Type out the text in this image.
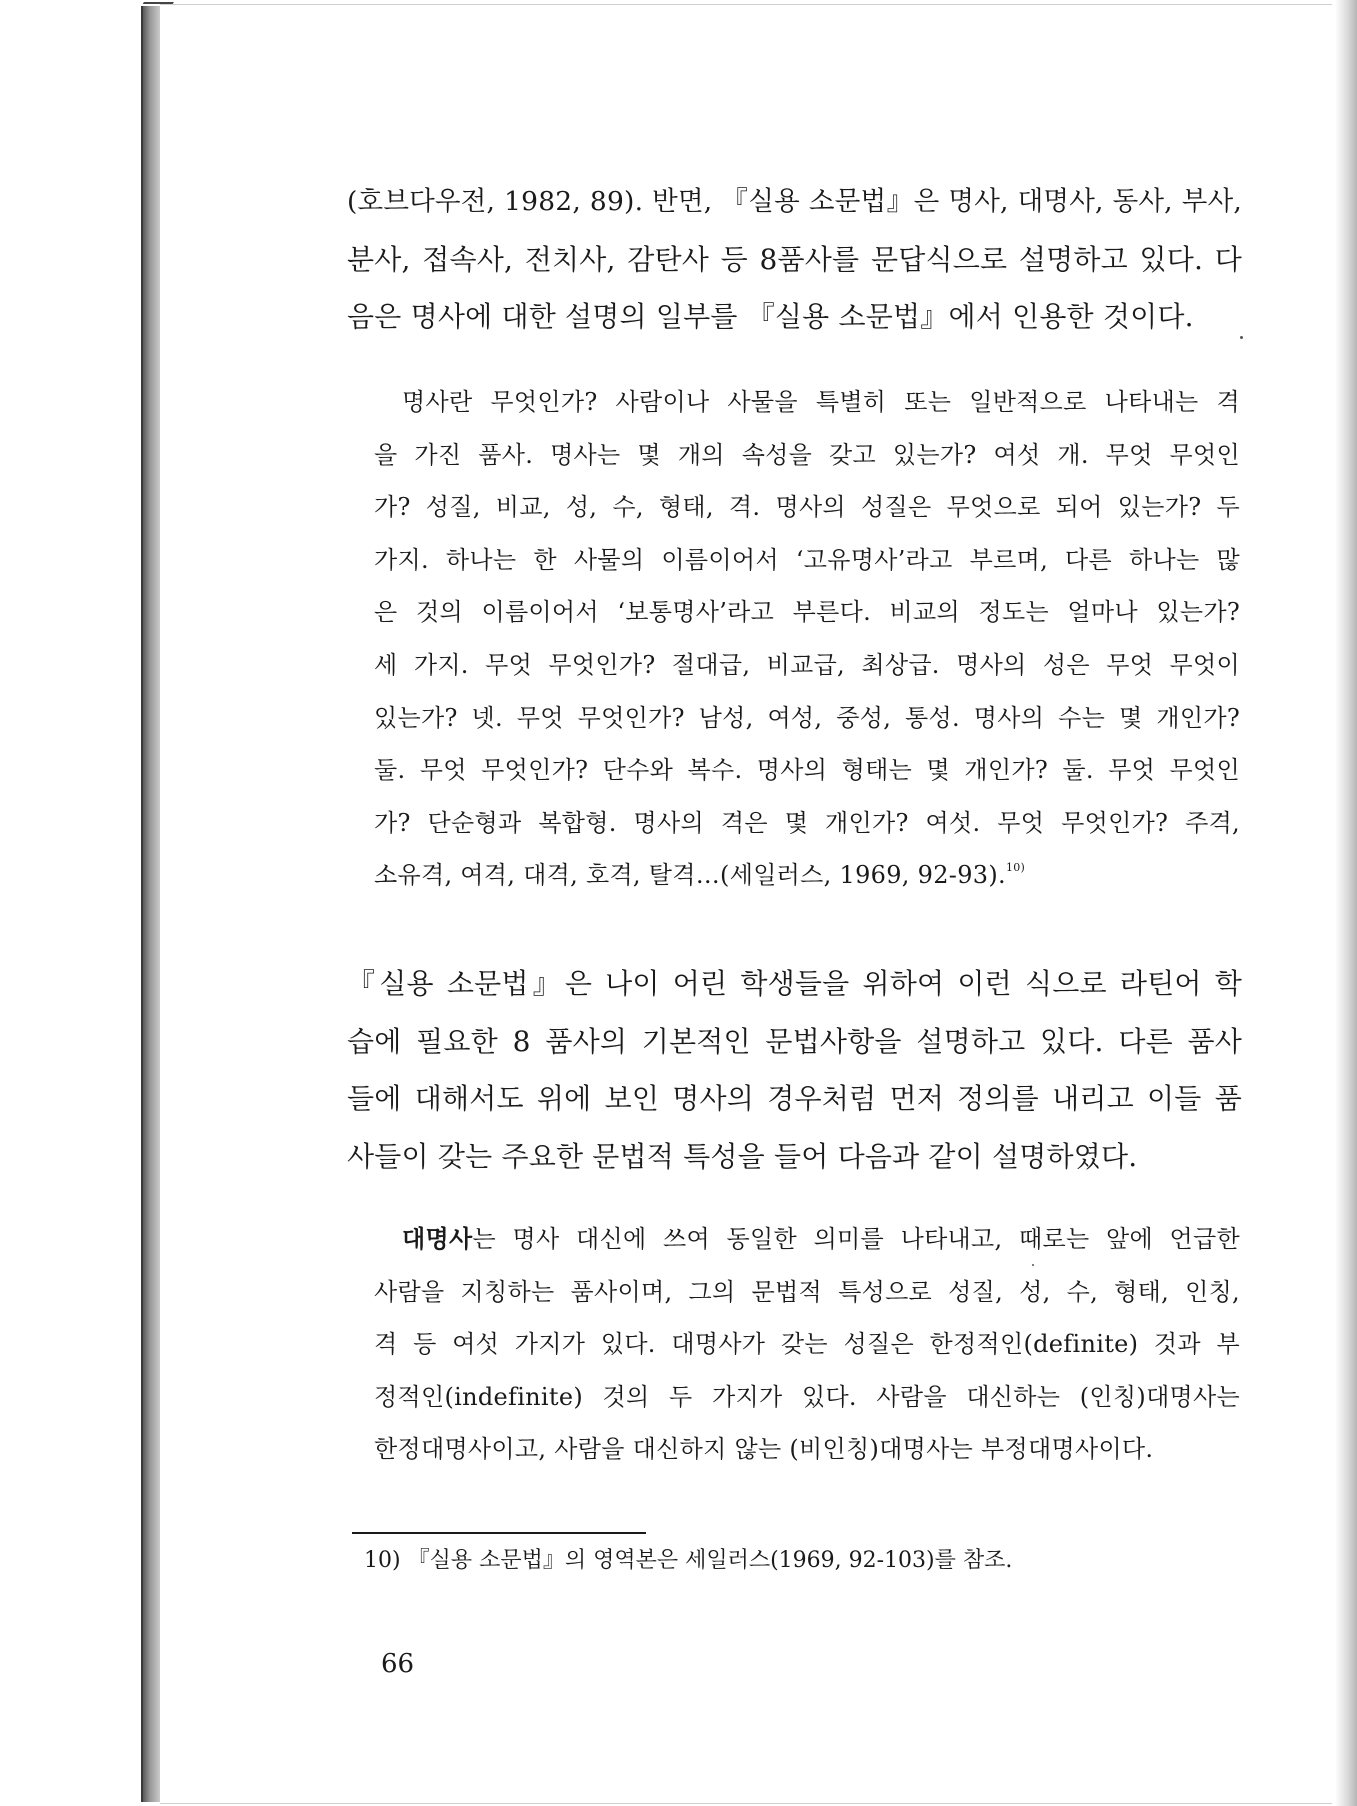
(호브다우전, 1982, 89). 반면, 『실용 소문법』은 명사, 대명사, 동사, 부사,
분사, 접속사, 전치사, 감탄사 등 8품사를 문답식으로 설명하고 있다. 다
음은 명사에 대한 설명의 일부를 『실용 소문법』에서 인용한 것이다.
명사란 무엇인가? 사람이나 사물을 특별히 또는 일반적으로 나타내는 격
을 가진 품사. 명사는 몇 개의 속성을 갖고 있는가? 여섯 개. 무엇 무엇인
가? 성질, 비교, 성, 수, 형태, 격. 명사의 성질은 무엇으로 되어 있는가? 두
가지. 하나는 한 사물의 이름이어서 ‘고유명사’라고 부르며, 다른 하나는 많
은 것의 이름이어서 ‘보통명사’라고 부른다. 비교의 정도는 얼마나 있는가?
세 가지. 무엇 무엇인가? 절대급, 비교급, 최상급. 명사의 성은 무엇 무엇이
있는가? 넷. 무엇 무엇인가? 남성, 여성, 중성, 통성. 명사의 수는 몇 개인가?
둘. 무엇 무엇인가? 단수와 복수. 명사의 형태는 몇 개인가? 둘. 무엇 무엇인
가? 단순형과 복합형. 명사의 격은 몇 개인가? 여섯. 무엇 무엇인가? 주격,
소유격, 여격, 대격, 호격, 탈격…(세일러스, 1969, 92-93).$^{10)}$
『실용 소문법』은 나이 어린 학생들을 위하여 이런 식으로 라틴어 학
습에 필요한 8 품사의 기본적인 문법사항을 설명하고 있다. 다른 품사
들에 대해서도 위에 보인 명사의 경우처럼 먼저 정의를 내리고 이들 품
사들이 갖는 주요한 문법적 특성을 들어 다음과 같이 설명하였다.
대명사는 명사 대신에 쓰여 동일한 의미를 나타내고, 때로는 앞에 언급한
사람을 지칭하는 품사이며, 그의 문법적 특성으로 성질, 성, 수, 형태, 인칭,
격 등 여섯 가지가 있다. 대명사가 갖는 성질은 한정적인(definite) 것과 부
정적인(indefinite) 것의 두 가지가 있다. 사람을 대신하는 (인칭)대명사는
한정대명사이고, 사람을 대신하지 않는 (비인칭)대명사는 부정대명사이다.
10) 『실용 소문법』의 영역본은 세일러스(1969, 92-103)를 참조.
66
